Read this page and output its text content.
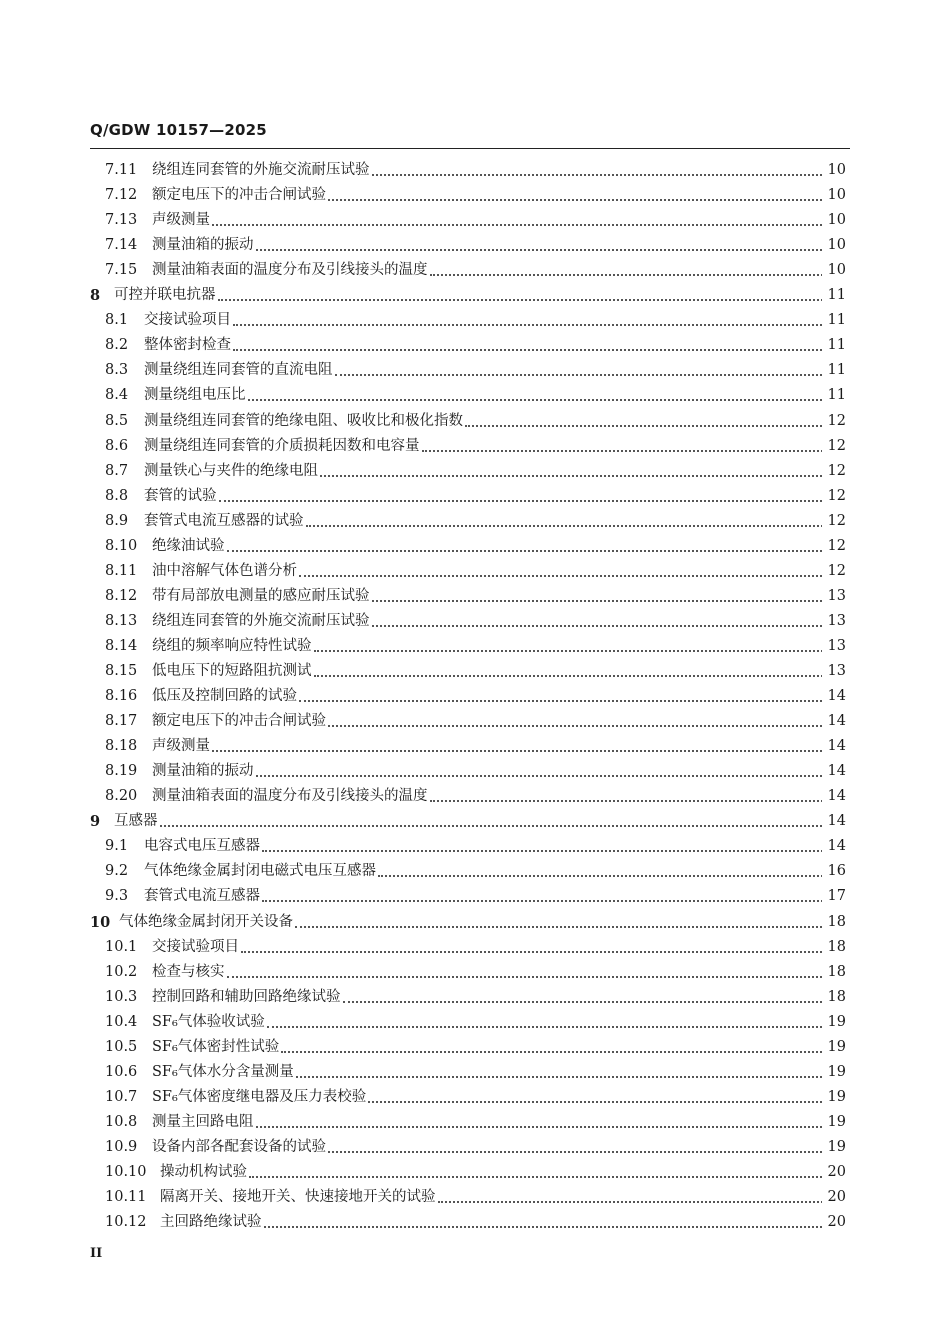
Q/GDW 10157—2025
7.11 绕组连同套管的外施交流耐压试验	10
7.12 额定电压下的冲击合闸试验	10
7.13 声级测量	10
7.14 测量油箱的振动	10
7.15 测量油箱表面的温度分布及引线接头的温度	10
8 可控并联电抗器	11
8.1 交接试验项目	11
8.2 整体密封检查	11
8.3 测量绕组连同套管的直流电阻	11
8.4 测量绕组电压比	11
8.5 测量绕组连同套管的绝缘电阻、吸收比和极化指数	12
8.6 测量绕组连同套管的介质损耗因数和电容量	12
8.7 测量铁心与夹件的绝缘电阻	12
8.8 套管的试验	12
8.9 套管式电流互感器的试验	12
8.10 绝缘油试验	12
8.11 油中溶解气体色谱分析	12
8.12 带有局部放电测量的感应耐压试验	13
8.13 绕组连同套管的外施交流耐压试验	13
8.14 绕组的频率响应特性试验	13
8.15 低电压下的短路阻抗测试	13
8.16 低压及控制回路的试验	14
8.17 额定电压下的冲击合闸试验	14
8.18 声级测量	14
8.19 测量油箱的振动	14
8.20 测量油箱表面的温度分布及引线接头的温度	14
9 互感器	14
9.1 电容式电压互感器	14
9.2 气体绝缘金属封闭电磁式电压互感器	16
9.3 套管式电流互感器	17
10 气体绝缘金属封闭开关设备	18
10.1 交接试验项目	18
10.2 检查与核实	18
10.3 控制回路和辅助回路绝缘试验	18
10.4 SF₆气体验收试验	19
10.5 SF₆气体密封性试验	19
10.6 SF₆气体水分含量测量	19
10.7 SF₆气体密度继电器及压力表校验	19
10.8 测量主回路电阻	19
10.9 设备内部各配套设备的试验	19
10.10 操动机构试验	20
10.11 隔离开关、接地开关、快速接地开关的试验	20
10.12 主回路绝缘试验	20
II
